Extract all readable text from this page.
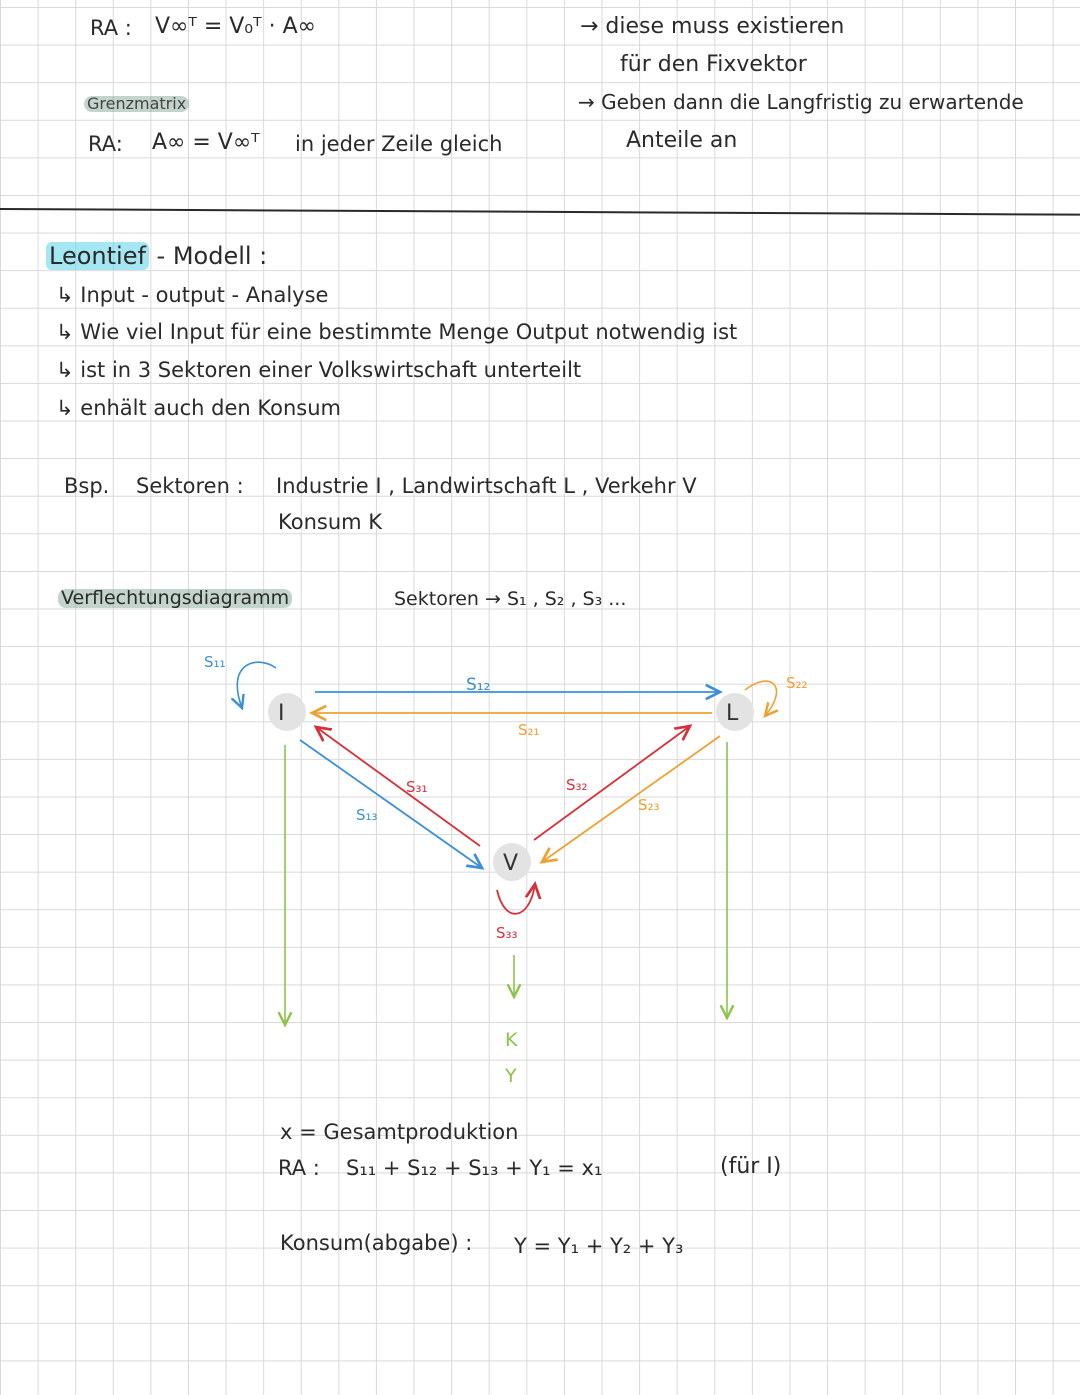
RA : V∞ᵀ = V₀ᵀ · A∞	→ diese muss existieren
für den Fixvektor
Grenzmatrix	→ Geben dann die Langfristig zu erwartende
RA: A∞ = V∞ᵀ in jeder Zeile gleich	Anteile an
Leontief - Modell :
↳ Input - output - Analyse
↳ Wie viel Input für eine bestimmte Menge Output notwendig ist
↳ ist in 3 Sektoren einer Volkswirtschaft unterteilt
↳ enhält auch den Konsum
Bsp. Sektoren : Industrie I , Landwirtschaft L , Verkehr V
Konsum K
Verflechtungsdiagramm	Sektoren → S₁ , S₂ , S₃ ...
I	L
V
S₁₂
S₂₁
S₁₁
S₂₂
S₃₃
S₁₃
S₃₁	S₃₂
S₂₃
K
Y
x = Gesamtproduktion
RA : S₁₁ + S₁₂ + S₁₃ + Y₁ = x₁	(für I)
Konsum(abgabe) : Y = Y₁ + Y₂ + Y₃
